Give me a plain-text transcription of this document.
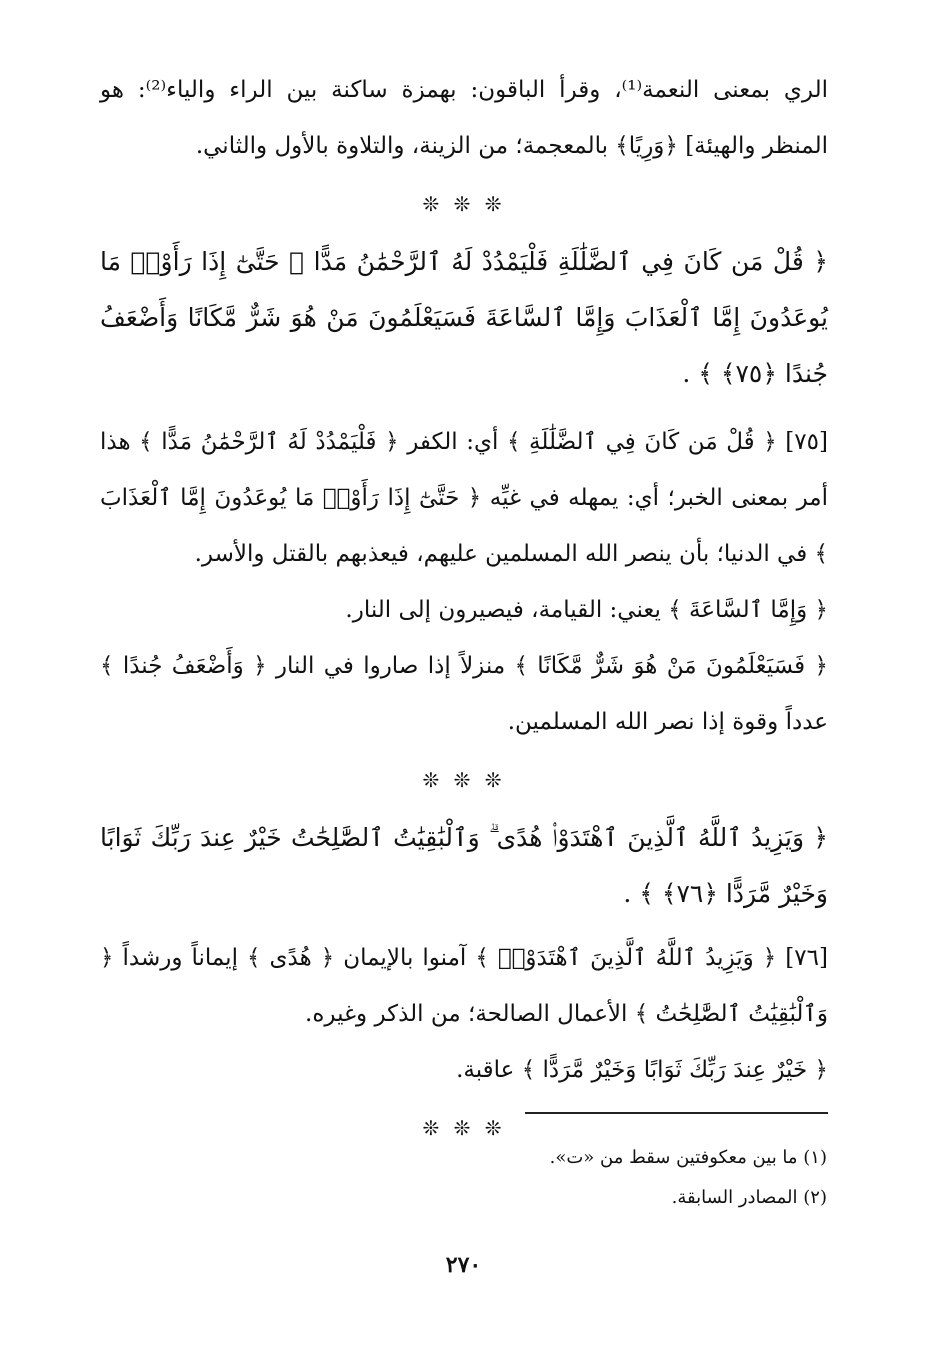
الري بمعنى النعمة⁽¹⁾، وقرأ الباقون: بهمزة ساكنة بين الراء والياء⁽²⁾: هو المنظر والهيئة] ﴿وَرِيًا﴾ بالمعجمة؛ من الزينة، والتلاوة بالأول والثاني.

❊ ❊ ❊

﴿ قُلْ مَن كَانَ فِي ٱلضَّلَٰلَةِ فَلْيَمْدُدْ لَهُ ٱلرَّحْمَٰنُ مَدًّا ۚ حَتَّىٰٓ إِذَا رَأَوْا۟ مَا يُوعَدُونَ إِمَّا ٱلْعَذَابَ وَإِمَّا ٱلسَّاعَةَ فَسَيَعْلَمُونَ مَنْ هُوَ شَرٌّ مَّكَانًا وَأَضْعَفُ جُندًا ﴿٧٥﴾ ﴾ .

[٧٥] ﴿ قُلْ مَن كَانَ فِي ٱلضَّلَٰلَةِ ﴾ أي: الكفر ﴿ فَلْيَمْدُدْ لَهُ ٱلرَّحْمَٰنُ مَدًّا ﴾ هذا أمر بمعنى الخبر؛ أي: يمهله في غيِّه ﴿ حَتَّىٰٓ إِذَا رَأَوْا۟ مَا يُوعَدُونَ إِمَّا ٱلْعَذَابَ ﴾ في الدنيا؛ بأن ينصر الله المسلمين عليهم، فيعذبهم بالقتل والأسر.

﴿ وَإِمَّا ٱلسَّاعَةَ ﴾ يعني: القيامة، فيصيرون إلى النار.

﴿ فَسَيَعْلَمُونَ مَنْ هُوَ شَرٌّ مَّكَانًا ﴾ منزلاً إذا صاروا في النار ﴿ وَأَضْعَفُ جُندًا ﴾ عدداً وقوة إذا نصر الله المسلمين.

❊ ❊ ❊

﴿ وَيَزِيدُ ٱللَّهُ ٱلَّذِينَ ٱهْتَدَوْا۟ هُدًى ۗ وَٱلْبَٰقِيَٰتُ ٱلصَّٰلِحَٰتُ خَيْرٌ عِندَ رَبِّكَ ثَوَابًا وَخَيْرٌ مَّرَدًّا ﴿٧٦﴾ ﴾ .

[٧٦] ﴿ وَيَزِيدُ ٱللَّهُ ٱلَّذِينَ ٱهْتَدَوْا۟ ﴾ آمنوا بالإيمان ﴿ هُدًى ﴾ إيماناً ورشداً ﴿ وَٱلْبَٰقِيَٰتُ ٱلصَّٰلِحَٰتُ ﴾ الأعمال الصالحة؛ من الذكر وغيره.

﴿ خَيْرٌ عِندَ رَبِّكَ ثَوَابًا وَخَيْرٌ مَّرَدًّا ﴾ عاقبة.

❊ ❊ ❊
(١) ما بين معكوفتين سقط من «ت».
(٢) المصادر السابقة.
٢٧٠
